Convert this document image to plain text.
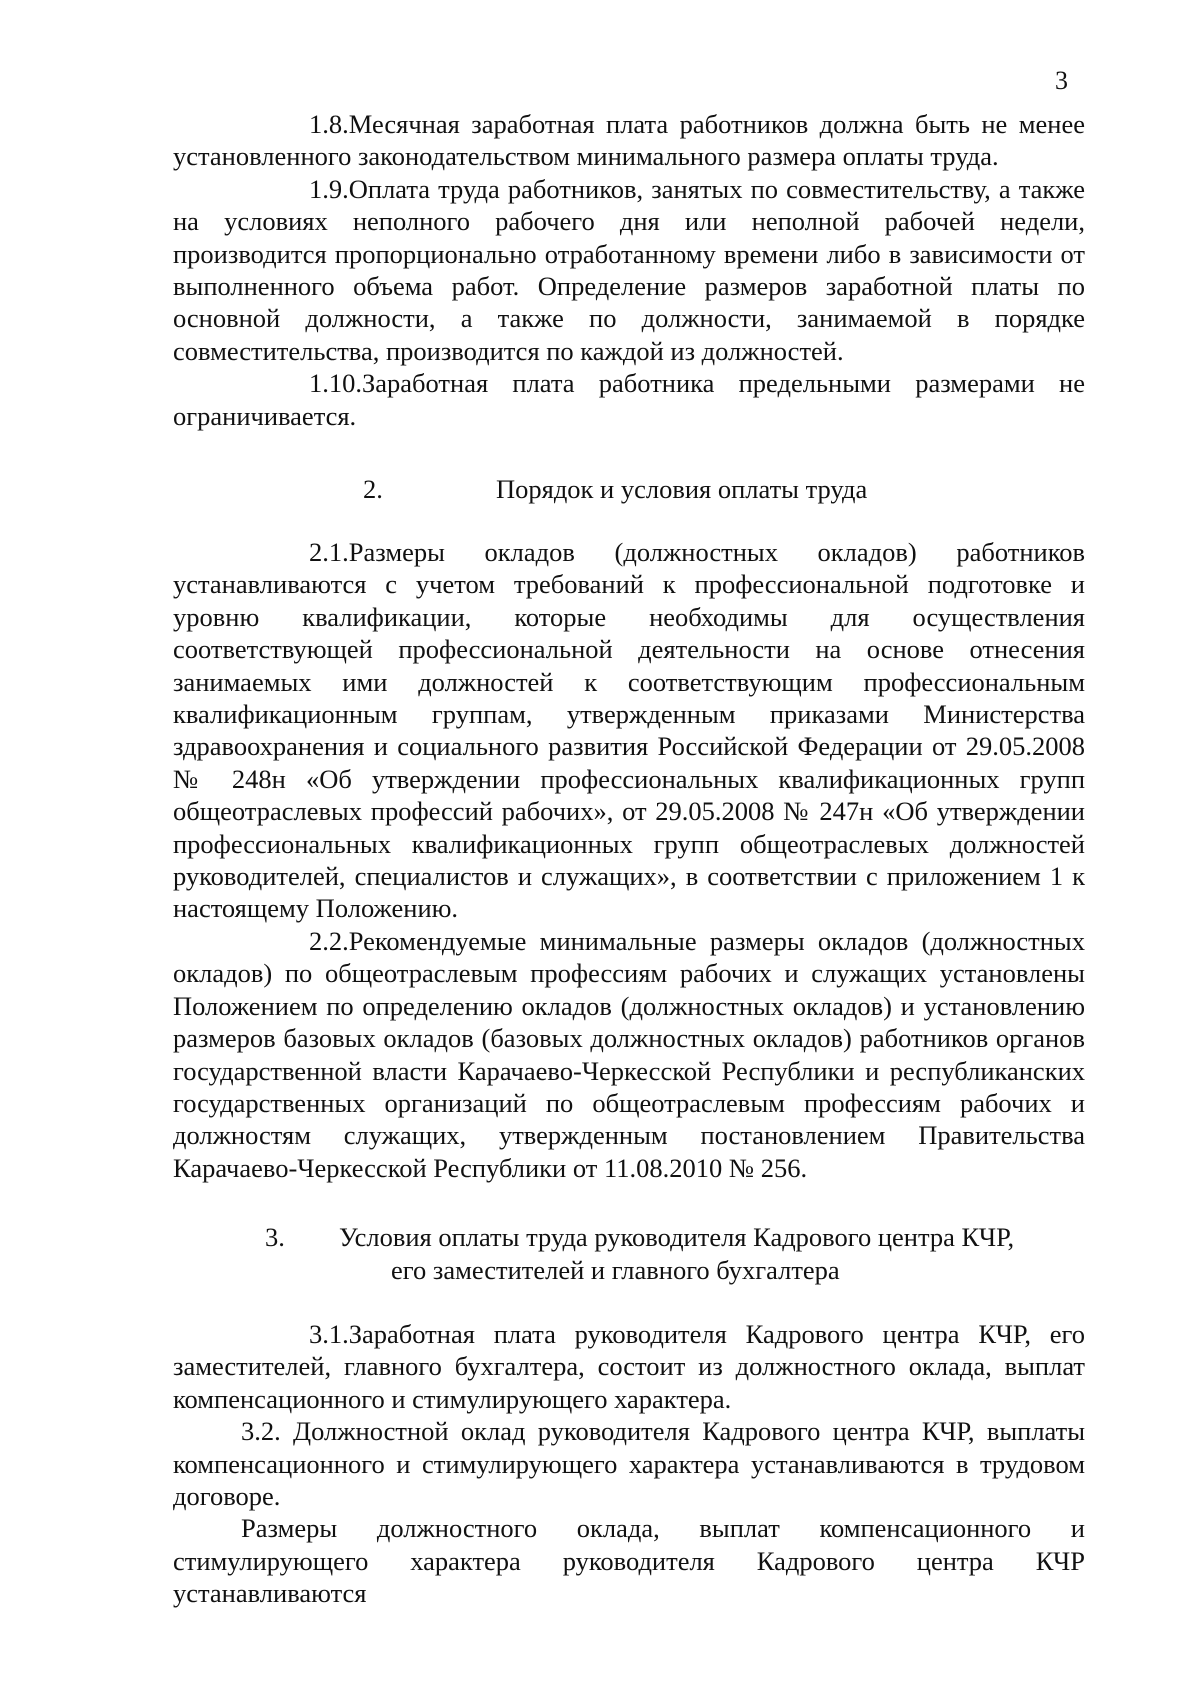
3

1.8.Месячная заработная плата работников должна быть не менее установленного законодательством минимального размера оплаты труда.

1.9.Оплата труда работников, занятых по совместительству, а также на условиях неполного рабочего дня или неполной рабочей недели, производится пропорционально отработанному времени либо в зависимости от выполненного объема работ. Определение размеров заработной платы по основной должности, а также по должности, занимаемой в порядке совместительства, производится по каждой из должностей.

1.10.Заработная плата работника предельными размерами не ограничивается.

2.	Порядок и условия оплаты труда

2.1.Размеры окладов (должностных окладов) работников устанавливаются с учетом требований к профессиональной подготовке и уровню квалификации, которые необходимы для осуществления соответствующей профессиональной деятельности на основе отнесения занимаемых ими должностей к соответствующим профессиональным квалификационным группам, утвержденным приказами Министерства здравоохранения и социального развития Российской Федерации от 29.05.2008 № 248н «Об утверждении профессиональных квалификационных групп общеотраслевых профессий рабочих», от 29.05.2008 № 247н «Об утверждении профессиональных квалификационных групп общеотраслевых должностей руководителей, специалистов и служащих», в соответствии с приложением 1 к настоящему Положению.

2.2.Рекомендуемые минимальные размеры окладов (должностных окладов) по общеотраслевым профессиям рабочих и служащих установлены Положением по определению окладов (должностных окладов) и установлению размеров базовых окладов (базовых должностных окладов) работников органов государственной власти Карачаево-Черкесской Республики и республиканских государственных организаций по общеотраслевым профессиям рабочих и должностям служащих, утвержденным постановлением Правительства Карачаево-Черкесской Республики от 11.08.2010 № 256.

3. Условия оплаты труда руководителя Кадрового центра КЧР,
его заместителей и главного бухгалтера

3.1.Заработная плата руководителя Кадрового центра КЧР, его заместителей, главного бухгалтера, состоит из должностного оклада, выплат компенсационного и стимулирующего характера.

3.2. Должностной оклад руководителя Кадрового центра КЧР, выплаты компенсационного и стимулирующего характера устанавливаются в трудовом договоре.

Размеры должностного оклада, выплат компенсационного и стимулирующего характера руководителя Кадрового центра КЧР устанавливаются
